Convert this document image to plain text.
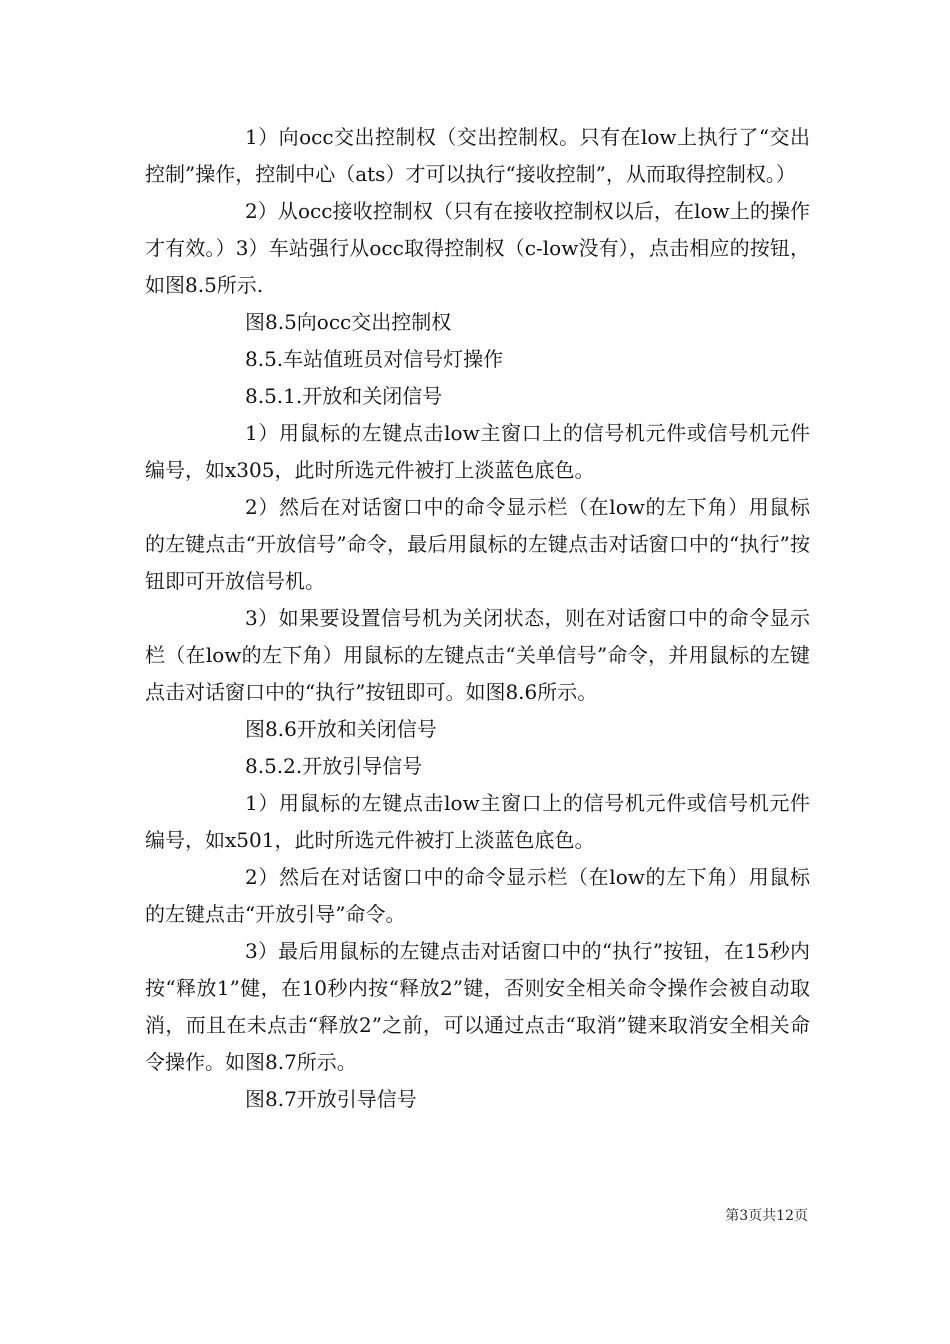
1）向occ交出控制权（交出控制权。只有在low上执行了“交出控制”操作，控制中心（ats）才可以执行“接收控制”，从而取得控制权。）

2）从occ接收控制权（只有在接收控制权以后，在low上的操作才有效。）3）车站强行从occ取得控制权（c-low没有），点击相应的按钮，如图8.5所示.

图8.5向occ交出控制权

8.5.车站值班员对信号灯操作

8.5.1.开放和关闭信号

1）用鼠标的左键点击low主窗口上的信号机元件或信号机元件编号，如x305，此时所选元件被打上淡蓝色底色。

2）然后在对话窗口中的命令显示栏（在low的左下角）用鼠标的左键点击“开放信号”命令，最后用鼠标的左键点击对话窗口中的“执行”按钮即可开放信号机。

3）如果要设置信号机为关闭状态，则在对话窗口中的命令显示栏（在low的左下角）用鼠标的左键点击“关单信号”命令，并用鼠标的左键点击对话窗口中的“执行”按钮即可。如图8.6所示。

图8.6开放和关闭信号

8.5.2.开放引导信号

1）用鼠标的左键点击low主窗口上的信号机元件或信号机元件编号，如x501，此时所选元件被打上淡蓝色底色。

2）然后在对话窗口中的命令显示栏（在low的左下角）用鼠标的左键点击“开放引导”命令。

3）最后用鼠标的左键点击对话窗口中的“执行”按钮，在15秒内按“释放1”健，在10秒内按“释放2”键，否则安全相关命令操作会被自动取消，而且在未点击“释放2”之前，可以通过点击“取消”键来取消安全相关命令操作。如图8.7所示。

图8.7开放引导信号

第3页共12页
